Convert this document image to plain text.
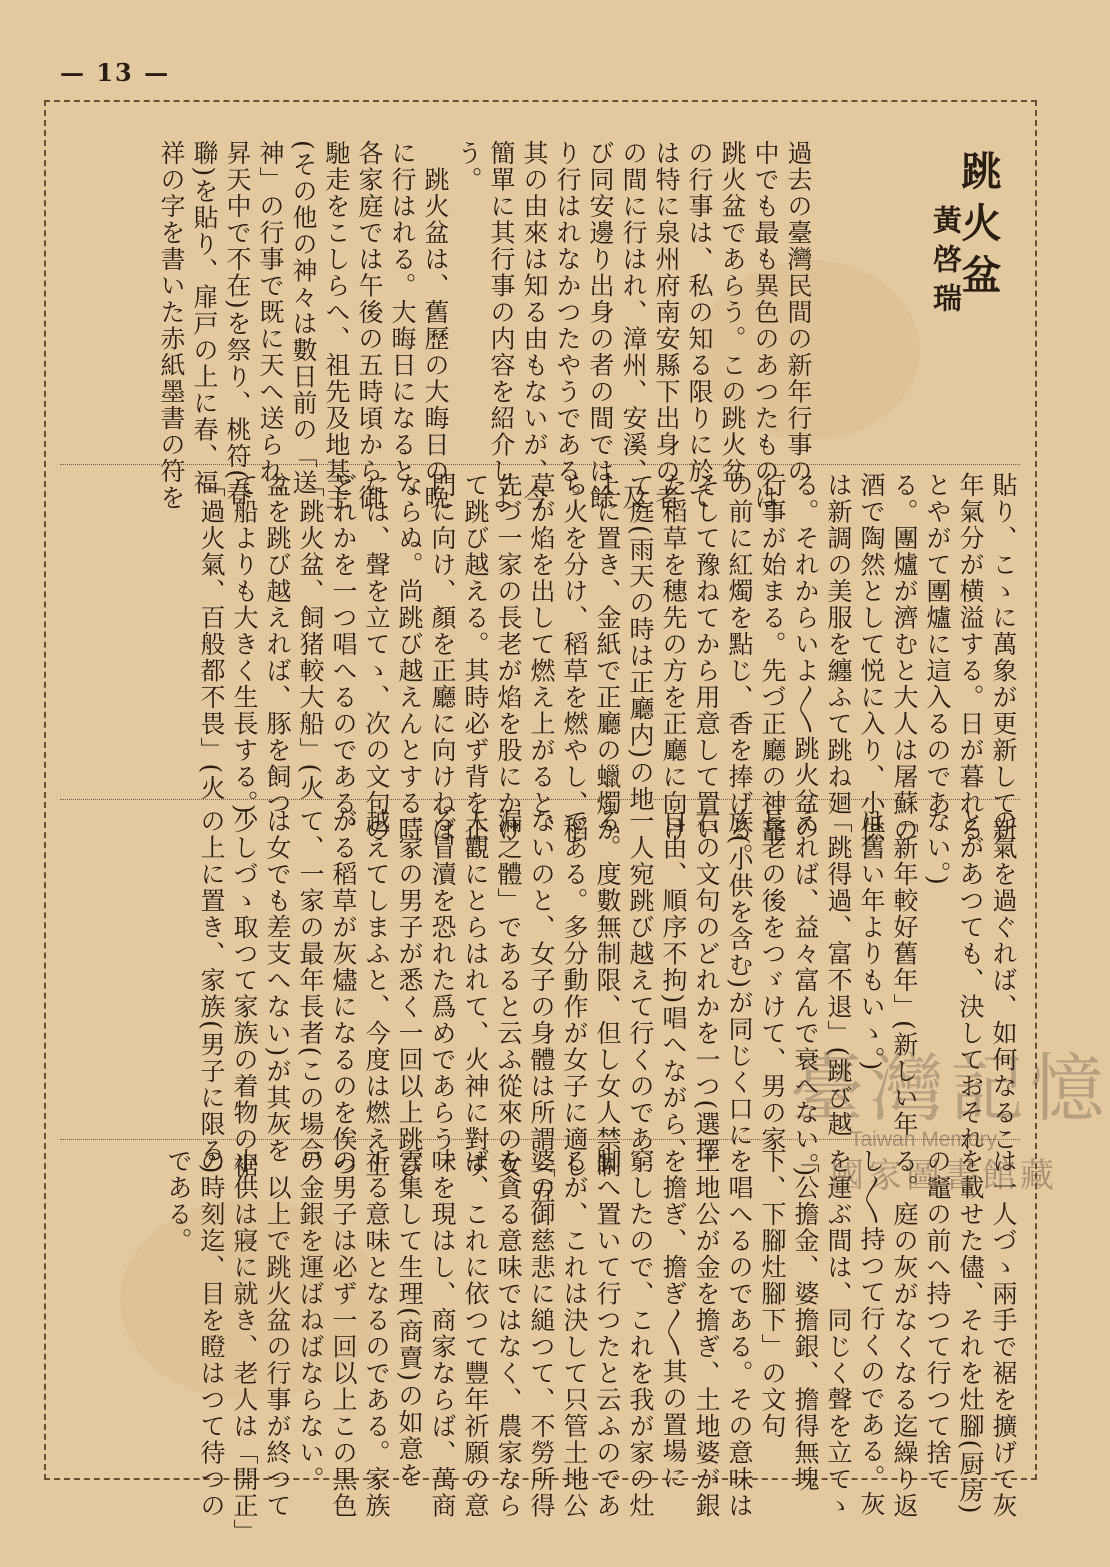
— 13 —
跳火盆
黃啓瑞
過去の臺灣民間の新年行事の
中でも最も異色のあつたものは
跳火盆であらう。この跳火盆
の行事は、私の知る限りに於て
は特に泉州府南安縣下出身の者
の間に行はれ、漳州、安溪、及
び同安邊り出身の者の間では餘
り行はれなかつたやうである。
其の由來は知る由もないが、今
簡單に其行事の内容を紹介しよ
う。
　跳火盆は、舊歷の大晦日の晩
に行はれる。大晦日になると、
各家庭では午後の五時頃から御
馳走をこしらへ、祖先及地基主
(その他の神々は數日前の「送
神」の行事で既に天へ送られ、
昇天中で不在)を祭り、桃符(春
聯)を貼り、扉戸の上に春、福
祥の字を書いた赤紙墨書の符を
貼り、こゝに萬象が更新して新
年氣分が横溢する。日が暮れる
とやがて團爐に這入るのであ
る。團爐が濟むと大人は屠蘇の
酒で陶然として悦に入り、小供
は新調の美服を纏ふて跳ね廻
る。それからいよ〳〵跳火盆の
行事が始まる。先づ正廳の神龕
の前に紅燭を點じ、香を捧げる。
そして豫ねてから用意して置い
た稻草を穗先の方を正廳に向け
て庭(雨天の時は正廳内)の地
上に置き、金紙で正廳の蠟燭か
ら火を分け、稻草を燃やし、稻
草が焰を出して燃え上がると、
先づ一家の長老が焰を股にかけ
て跳び越える。其時必ず背を正
門に向け、顏を正廳に向けねば
ならぬ。尚跳び越えんとする時
には、聲を立てゝ、次の文句の
どれかを一つ唱へるのである。
「跳火盆、飼猪較大船」(火
盆を跳び越えれば、豚を飼つ
て船よりも大きく生長する。)
「過火氣、百般都不畏」(火
の氣を過ぐれば、如何なるこ
とがあつても、決しておそれ
ない。)
「新年較好舊年」(新しい年
は舊い年よりもいゝ。)
「跳得過、富不退」(跳び越
えれば、益々富んで衰へない。)
長老の後をつゞけて、男の家
族(小供を含む)が同じく口に
右の文句のどれかを一つ(選擇
自由、順序不拘)唱へながら、
一人宛跳び越えて行くのであ
る。度數無制限、但し女人禁制
である。多分動作が女子に適し
ないのと、女子の身體は所謂「五
漏之體」であると云ふ從來の女
人觀にとらはれて、火神に對す
る冒瀆を恐れた爲めであらう。
一家の男子が悉く一回以上跳び
越えてしまふと、今度は燃え上
がる稻草が灰燼になるのを俟つ
て、一家の最年長者(この場合
は女でも差支へない)が其灰を
少しづゝ取つて家族の着物の裾
の上に置き、家族(男子に限る)
は一人づゝ兩手で裾を擴げて灰
を載せた儘、それを灶腳(厨房)
の竈の前へ持つて行つて捨て
る。庭の灰がなくなる迄繰り返
し〳〵持つて行くのである。灰
を運ぶ間は、同じく聲を立てゝ
「公擔金、婆擔銀、擔得無塊
下、下腳灶腳下」の文句
を唱へるのである。その意味は
土地公が金を擔ぎ、土地婆が銀
を擔ぎ、擔ぎ〳〵其の置場に
窮したので、これを我が家の灶
脚へ置いて行つたと云ふのであ
るが、これは決して只管土地公
婆の御慈悲に縋つて、不勞所得
を貪る意味ではなく、農家なら
ば、これに依つて豐年祈願の意
味を現はし、商家ならば、萬商
雲集して生理(商賣)の如意を
祈る意味となるのである。家族
の男子は必ず一回以上この黒色
の金銀を運ばねばならない。
　以上で跳火盆の行事が終つて
小供は寢に就き、老人は「開正」
の時刻迄、目を瞪はつて待つの
である。
臺灣記憶
Taiwan Memory
國家圖書館藏
